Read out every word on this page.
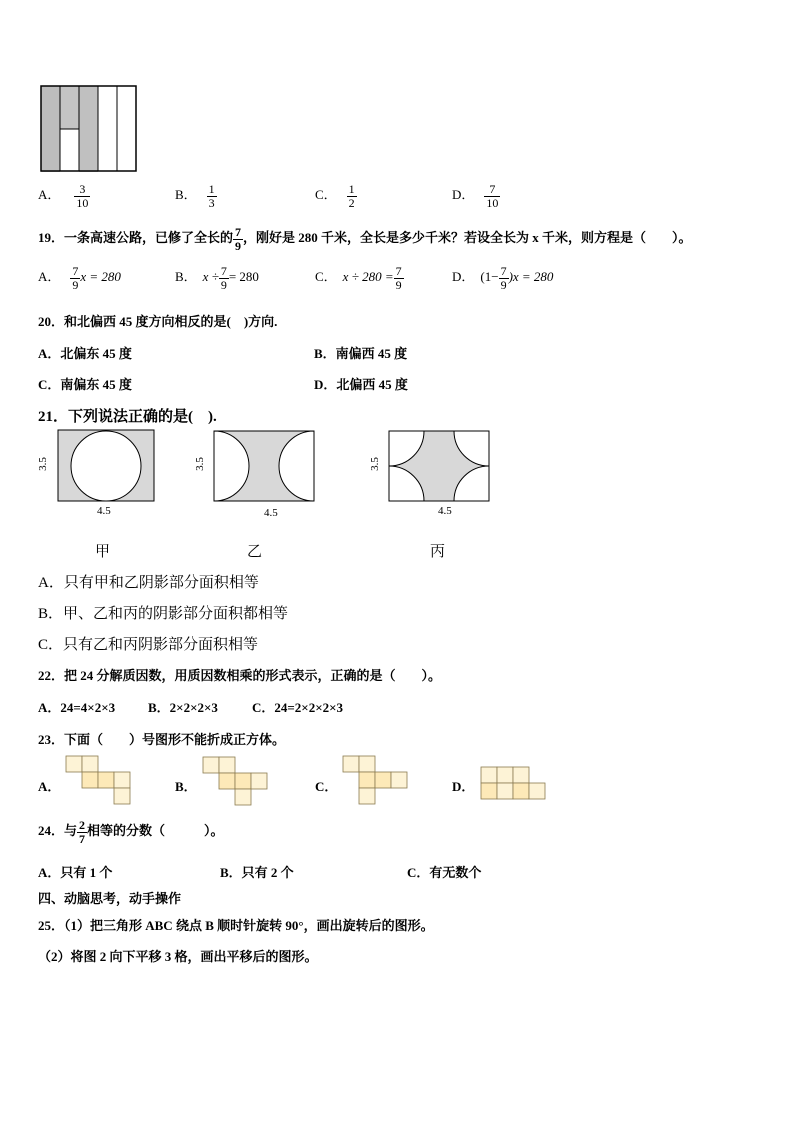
A． $\frac{3}{10}$	B． $\frac{1}{3}$	C． $\frac{1}{2}$	D． $\frac{7}{10}$
19．一条高速公路，已修了全长的 $\frac{7}{9}$ ，刚好是 280 千米，全长是多少千米？若设全长为 x 千米，则方程是（　　）。
A． $\frac{7}{9}$ x = 280	B． $x \div \frac{7}{9} = 280$	C． $x \div 280 = \frac{7}{9}$	D． $(1- \frac{7}{9} )x = 280$
20．和北偏西 45 度方向相反的是(　)方向.
A．北偏东 45 度	B．南偏西 45 度
C．南偏东 45 度	D．北偏西 45 度
21．下列说法正确的是(　).
3.5
4.5
3.5
4.5
3.5
4.5
甲	乙	丙
A．只有甲和乙阴影部分面积相等
B．甲、乙和丙的阴影部分面积都相等
C．只有乙和丙阴影部分面积相等
22．把 24 分解质因数，用质因数相乘的形式表示，正确的是（　　）。
A．24=4×2×3	B．2×2×2×3	C．24=2×2×2×3
23．下面（　　）号图形不能折成正方体。
A．	B．	C．	D．
24．与 $\frac{2}{7}$ 相等的分数（　　　）。
A．只有 1 个	B．只有 2 个	C．有无数个
四、动脑思考，动手操作
25．（1）把三角形 ABC 绕点 B 顺时针旋转 90°，画出旋转后的图形。
（2）将图 2 向下平移 3 格，画出平移后的图形。
